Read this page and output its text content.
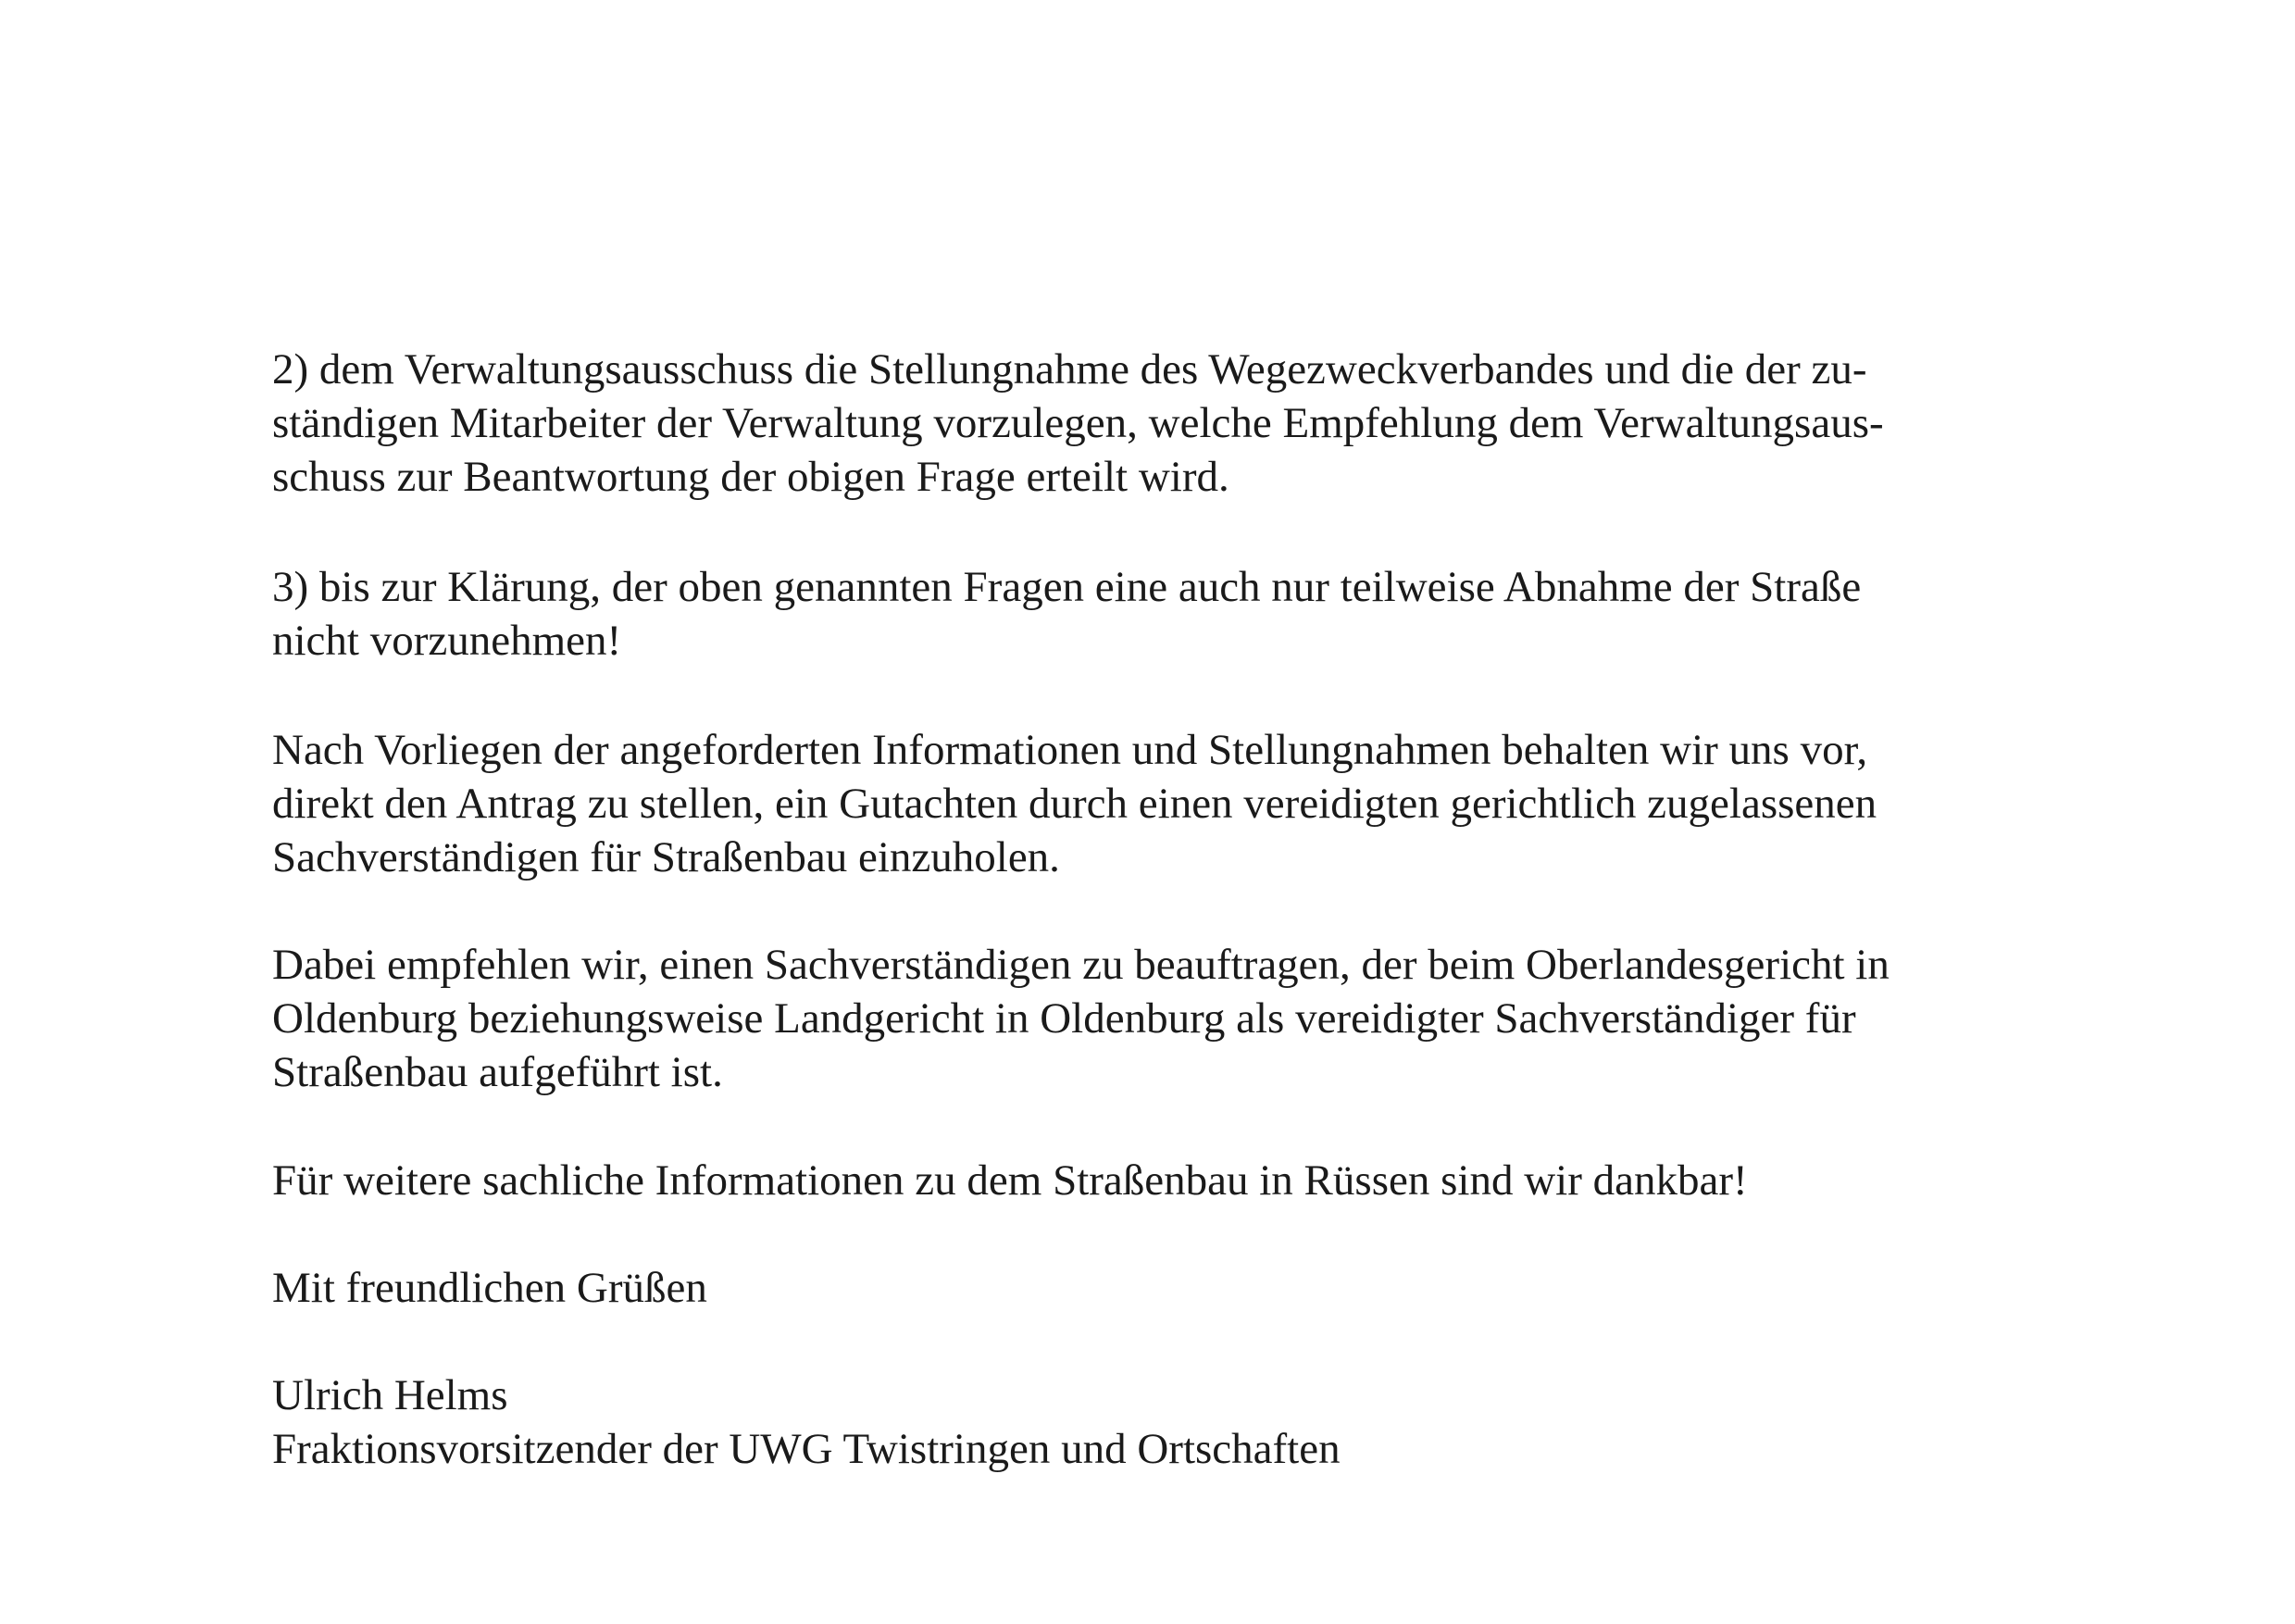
2) dem Verwaltungsausschuss die Stellungnahme des Wegezweckverbandes und die der zu-
ständigen Mitarbeiter der Verwaltung vorzulegen, welche Empfehlung dem Verwaltungsaus-
schuss zur Beantwortung der obigen Frage erteilt wird.
3) bis zur Klärung, der oben genannten Fragen eine auch nur teilweise Abnahme der Straße
nicht vorzunehmen!
Nach Vorliegen der angeforderten Informationen und Stellungnahmen behalten wir uns vor,
direkt den Antrag zu stellen, ein Gutachten durch einen vereidigten gerichtlich zugelassenen
Sachverständigen für Straßenbau einzuholen.
Dabei empfehlen wir, einen Sachverständigen zu beauftragen, der beim Oberlandesgericht in
Oldenburg beziehungsweise Landgericht in Oldenburg als vereidigter Sachverständiger für
Straßenbau aufgeführt ist.
Für weitere sachliche Informationen zu dem Straßenbau in Rüssen sind wir dankbar!
Mit freundlichen Grüßen
Ulrich Helms
Fraktionsvorsitzender der UWG Twistringen und Ortschaften
